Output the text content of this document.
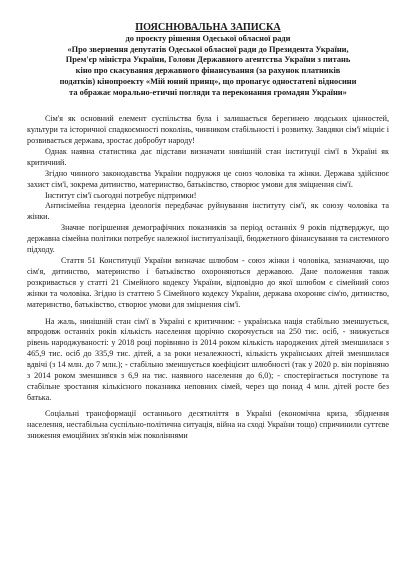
ПОЯСНЮВАЛЬНА ЗАПИСКА
до проєкту рішення Одеської обласної ради
«Про звернення депутатів Одеської обласної ради до Президента України,
Прем'єр міністра України, Голови Державного агентства України з питань
кіно про скасування державного фінансування (за рахунок платників
податків) кінопроекту «Мій юний принц», що пропагує одностатеві відносини
та ображає морально-етичні погляди та переконання громадян України»

Сім'я як основний елемент суспільства була і залишається берегинею людських цінностей, культури та історичної спадкоємності поколінь, чинником стабільності і розвитку. Завдяки сім'ї міцніє і розвивається держава, зростає добробут народу!

Однак наявна статистика дає підстави визначати нинішній стан інституції сім'ї в Україні як критичний.

Згідно чинного законодавства України подружжя це союз чоловіка та жінки. Держава здійснює захист сім'ї, зокрема дитинство, материнство, батьківство, створює умови для зміцнення сім'ї.

Інститут сім'ї сьогодні потребує підтримки!

Антисімейна гендерна ідеологія передбачає руйнування інституту сім'ї, як союзу чоловіка та жінки.

Значне погіршення демографічних показників за період останніх 9 років підтверджує, що державна сімейна політики потребує належної інституалізації, бюджетного фінансування та системного підходу.

Стаття 51 Конституції України визначає шлюбом - союз жінки і чоловіка, зазначаючи, що сім'я, дитинство, материнство і батьківство охороняються державою. Дане положення також розкривається у статті 21 Сімейного кодексу України, відповідно до якої шлюбом є сімейний союз жінки та чоловіка. Згідно із статтею 5 Сімейного кодексу України, держава охороняє сім'ю, дитинство, материнство, батьківство, створює умови для зміцнення сім'ї.

На жаль, нинішній стан сім'ї в Україні є критичним: - українська нація стабільно зменшується, впродовж останніх років кількість населення щорічно скорочується на 250 тис. осіб, - знижується рівень народжуваності: у 2018 році порівняно із 2014 роком кількість народжених дітей зменшилася з 465,9 тис. осіб до 335,9 тис. дітей, а за роки незалежності, кількість українських дітей зменшилася вдвічі (з 14 млн. до 7 млн.); - стабільно зменшується коефіцієнт шлюбності (так у 2020 р. він порівняно з 2014 роком зменшився з 6,9 на тис. наявного населення до 6,0); - спостерігається поступове та стабільне зростання кількісного показника неповних сімей, через що понад 4 млн. дітей росте без батька.

Соціальні трансформації останнього десятиліття в Україні (економічна криза, збіднення населення, нестабільна суспільно-політична ситуація, війна на сході України тощо) спричинили суттєве зниження емоційних зв'язків між поколіннями
